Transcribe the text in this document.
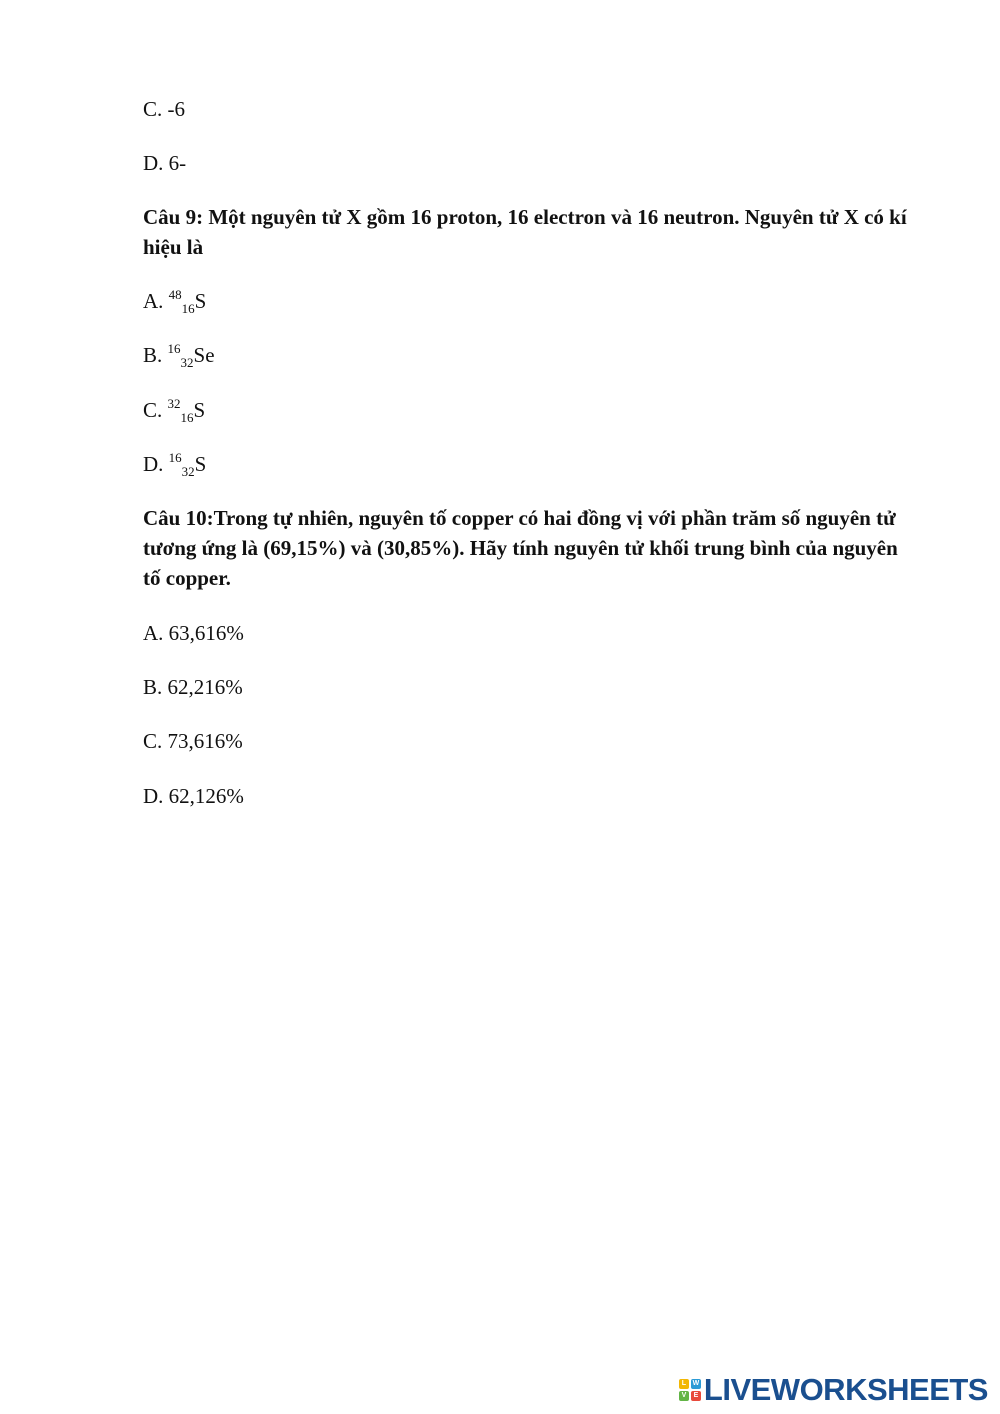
C. -6
D. 6-
Câu 9: Một nguyên tử X gồm 16 proton, 16 electron và 16 neutron. Nguyên tử X có kí hiệu là
A. $^{48}_{16}$S
B. $^{16}_{32}$Se
C. $^{32}_{16}$S
D. $^{16}_{32}$S
Câu 10:Trong tự nhiên, nguyên tố copper có hai đồng vị với phần trăm số nguyên tử tương ứng là (69,15%) và (30,85%). Hãy tính nguyên tử khối trung bình của nguyên tố copper.
A. 63,616%
B. 62,216%
C. 73,616%
D. 62,126%
L W
V	E LIVEWORKSHEETS
